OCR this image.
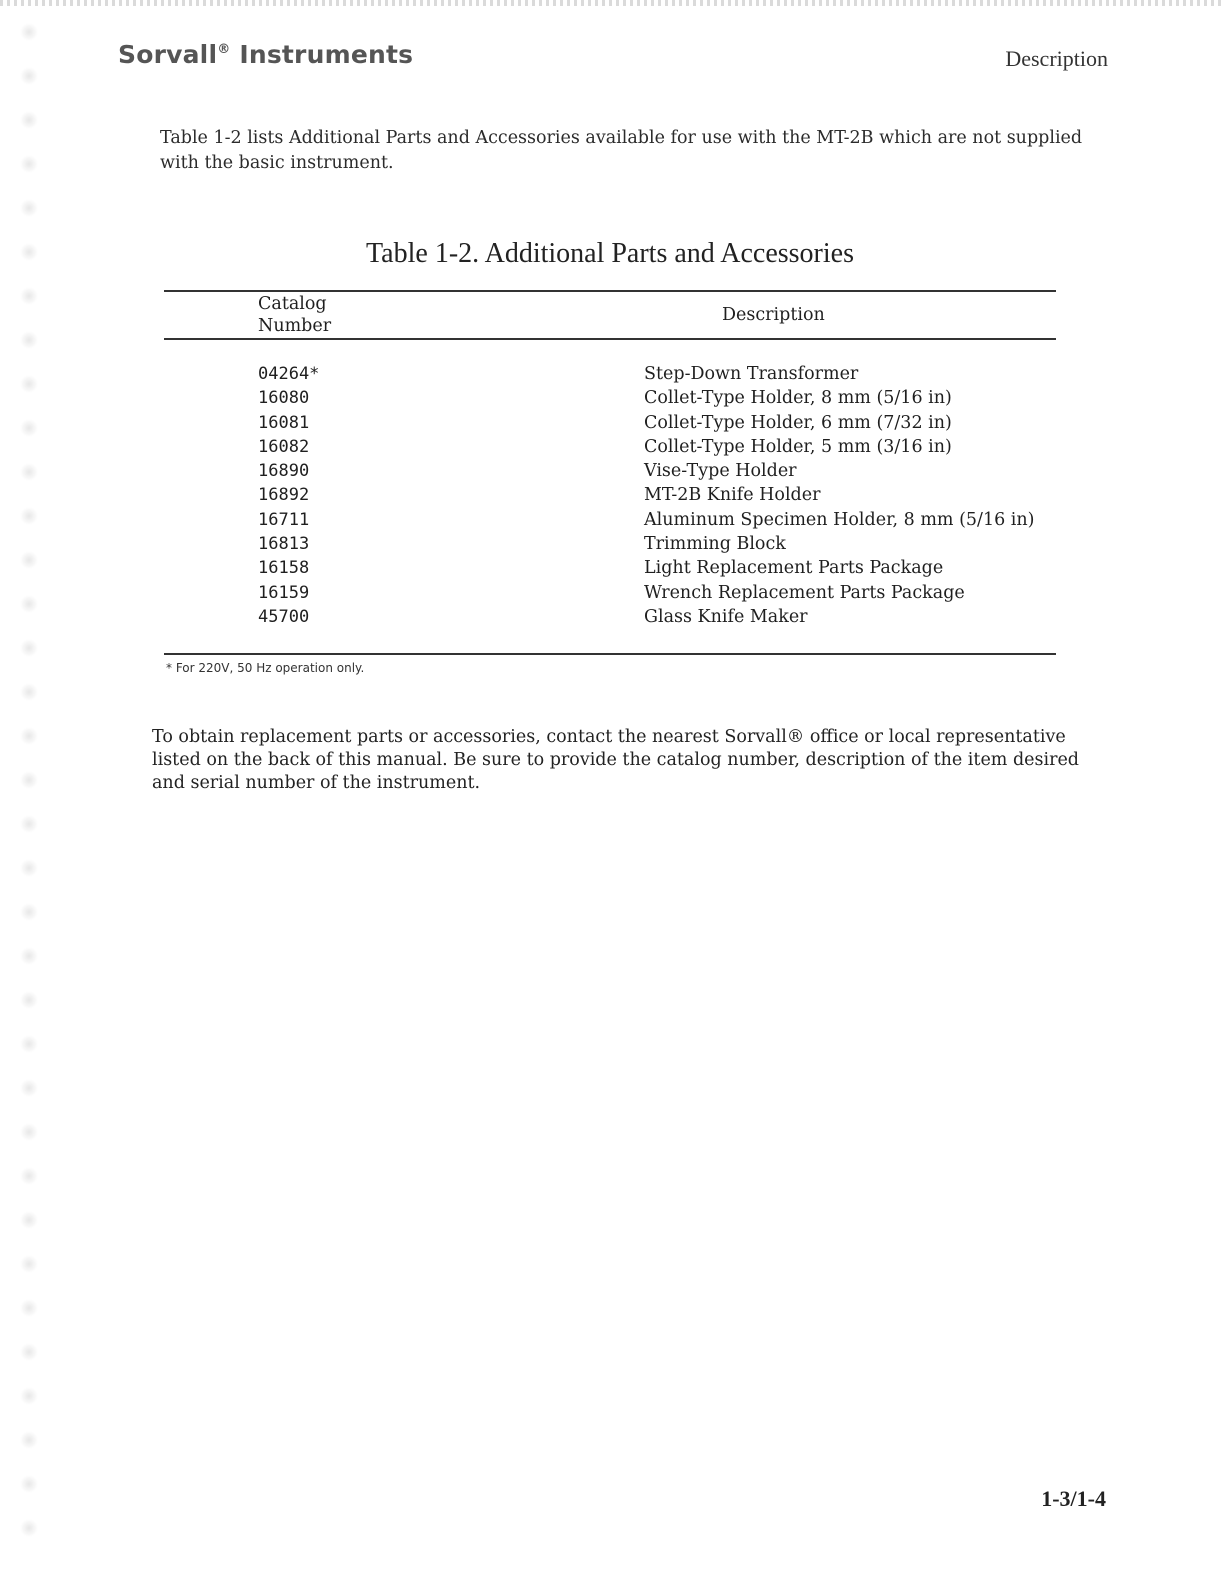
Sorvall® Instruments	Description

Table 1-2 lists Additional Parts and Accessories available for use with the MT-2B which are not supplied with the basic instrument.

Table 1-2. Additional Parts and Accessories
Catalog
Number	Description
04264*	Step-Down Transformer
16080	Collet-Type Holder, 8 mm (5/16 in)
16081	Collet-Type Holder, 6 mm (7/32 in)
16082	Collet-Type Holder, 5 mm (3/16 in)
16890	Vise-Type Holder
16892	MT-2B Knife Holder
16711	Aluminum Specimen Holder, 8 mm (5/16 in)
16813	Trimming Block
16158	Light Replacement Parts Package
16159	Wrench Replacement Parts Package
45700	Glass Knife Maker
* For 220V, 50 Hz operation only.

To obtain replacement parts or accessories, contact the nearest Sorvall® office or local representative listed on the back of this manual. Be sure to provide the catalog number, description of the item desired and serial number of the instrument.

1-3/1-4
